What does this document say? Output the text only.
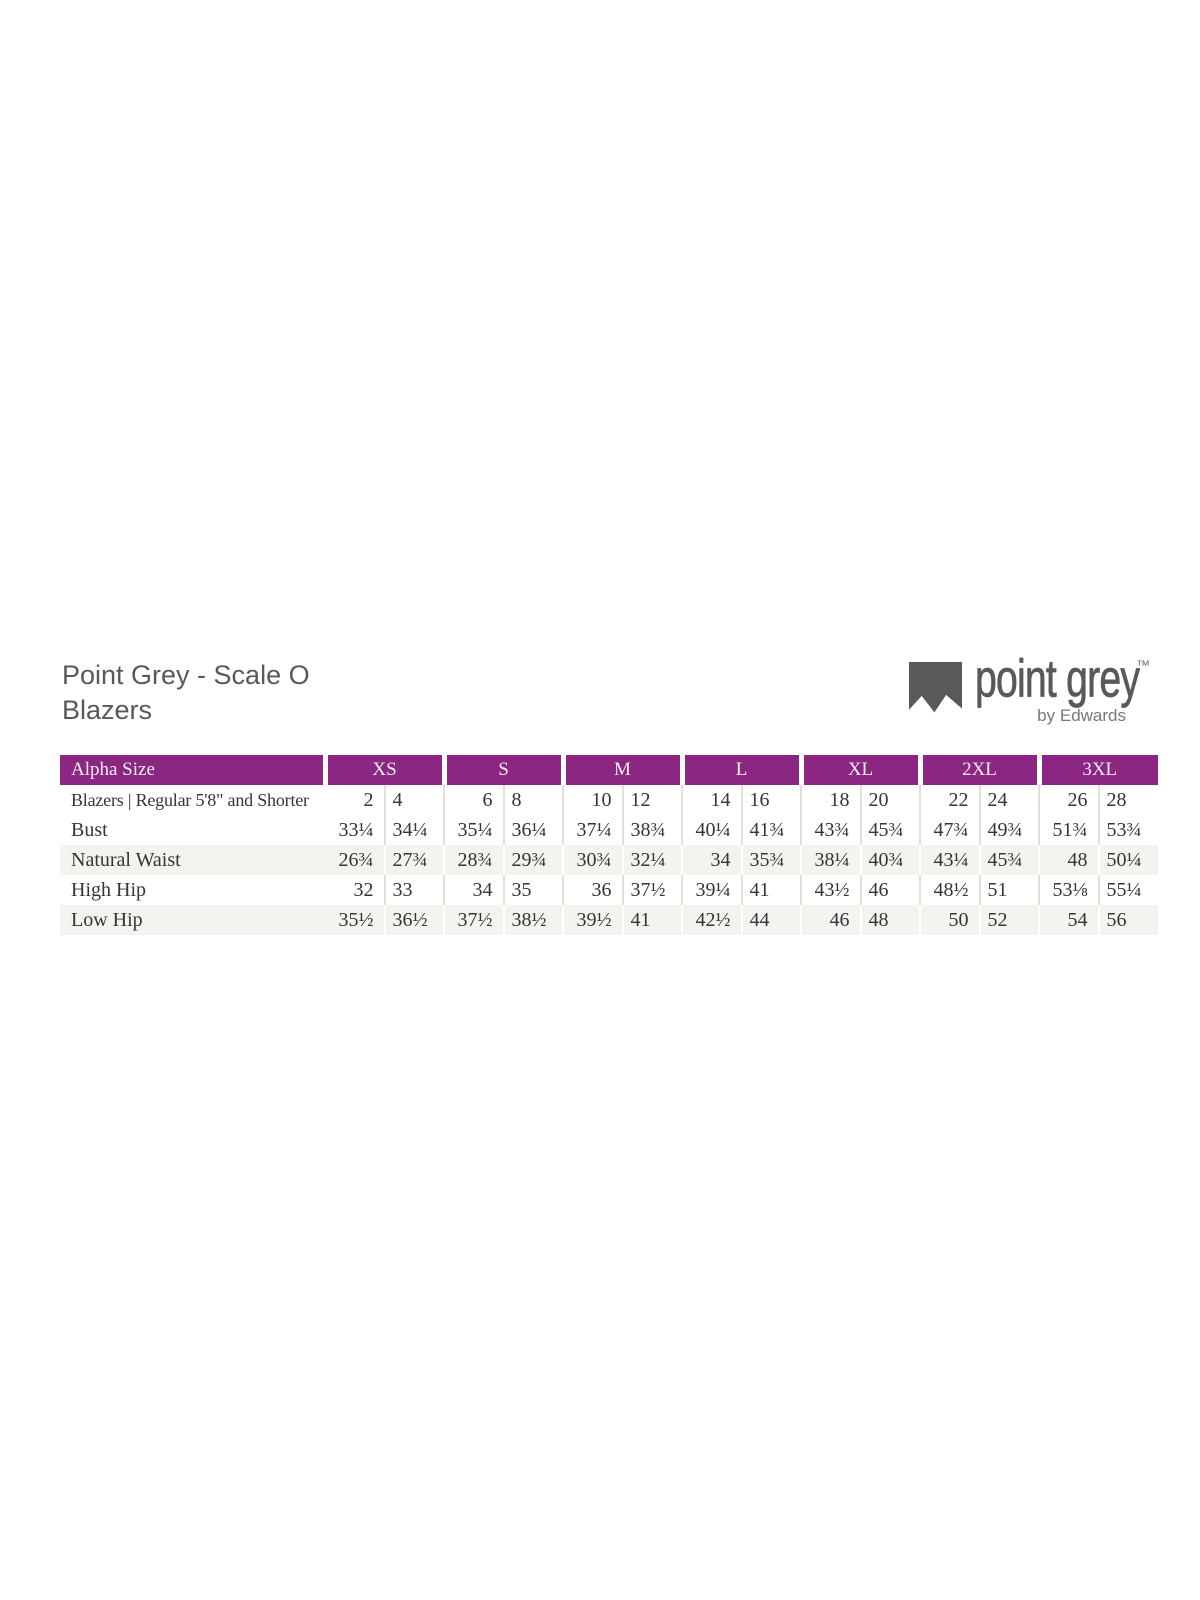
Point Grey - Scale O
Blazers
point grey™
by Edwards
Alpha Size	XS		S		M		L		XL		2XL		3XL	
Blazers | Regular 5'8" and Shorter	2	4	6	8	10	12	14	16	18	20	22	24	26	28
Bust	33¼	34¼	35¼	36¼	37¼	38¾	40¼	41¾	43¾	45¾	47¾	49¾	51¾	53¾
Natural Waist	26¾	27¾	28¾	29¾	30¾	32¼	34	35¾	38¼	40¾	43¼	45¾	48	50¼
High Hip	32	33	34	35	36	37½	39¼	41	43½	46	48½	51	53⅛	55¼
Low Hip	35½	36½	37½	38½	39½	41	42½	44	46	48	50	52	54	56
